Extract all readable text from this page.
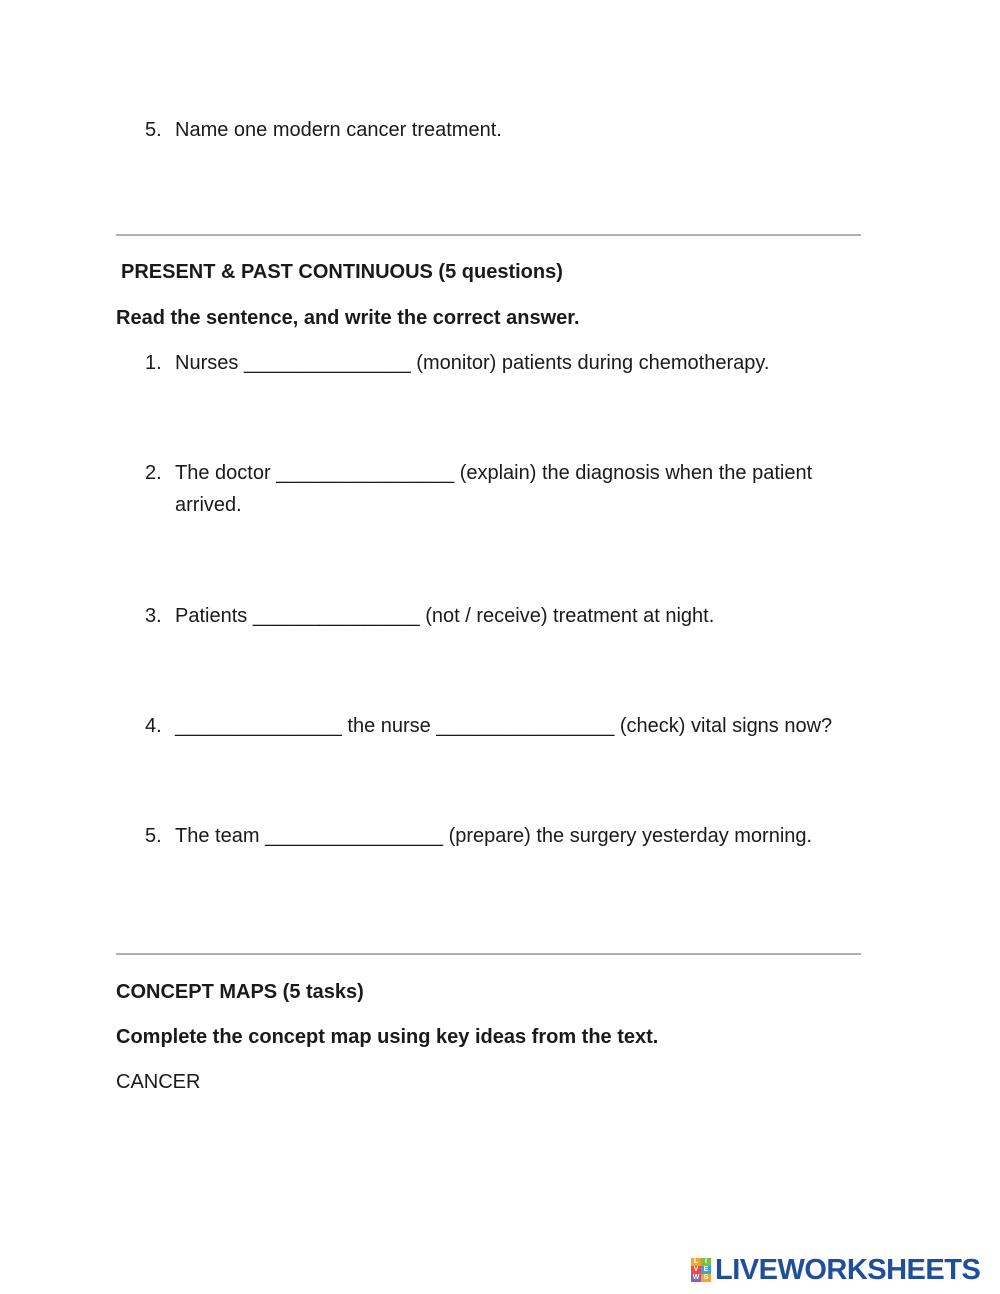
5. Name one modern cancer treatment.
PRESENT & PAST CONTINUOUS (5 questions)
Read the sentence, and write the correct answer.
1. Nurses _______________ (monitor) patients during chemotherapy.
2. The doctor ________________ (explain) the diagnosis when the patient arrived.
3. Patients _______________ (not / receive) treatment at night.
4. _______________ the nurse ________________ (check) vital signs now?
5. The team ________________ (prepare) the surgery yesterday morning.
CONCEPT MAPS (5 tasks)
Complete the concept map using key ideas from the text.
CANCER
L I
V E
W S LIVEWORKSHEETS
